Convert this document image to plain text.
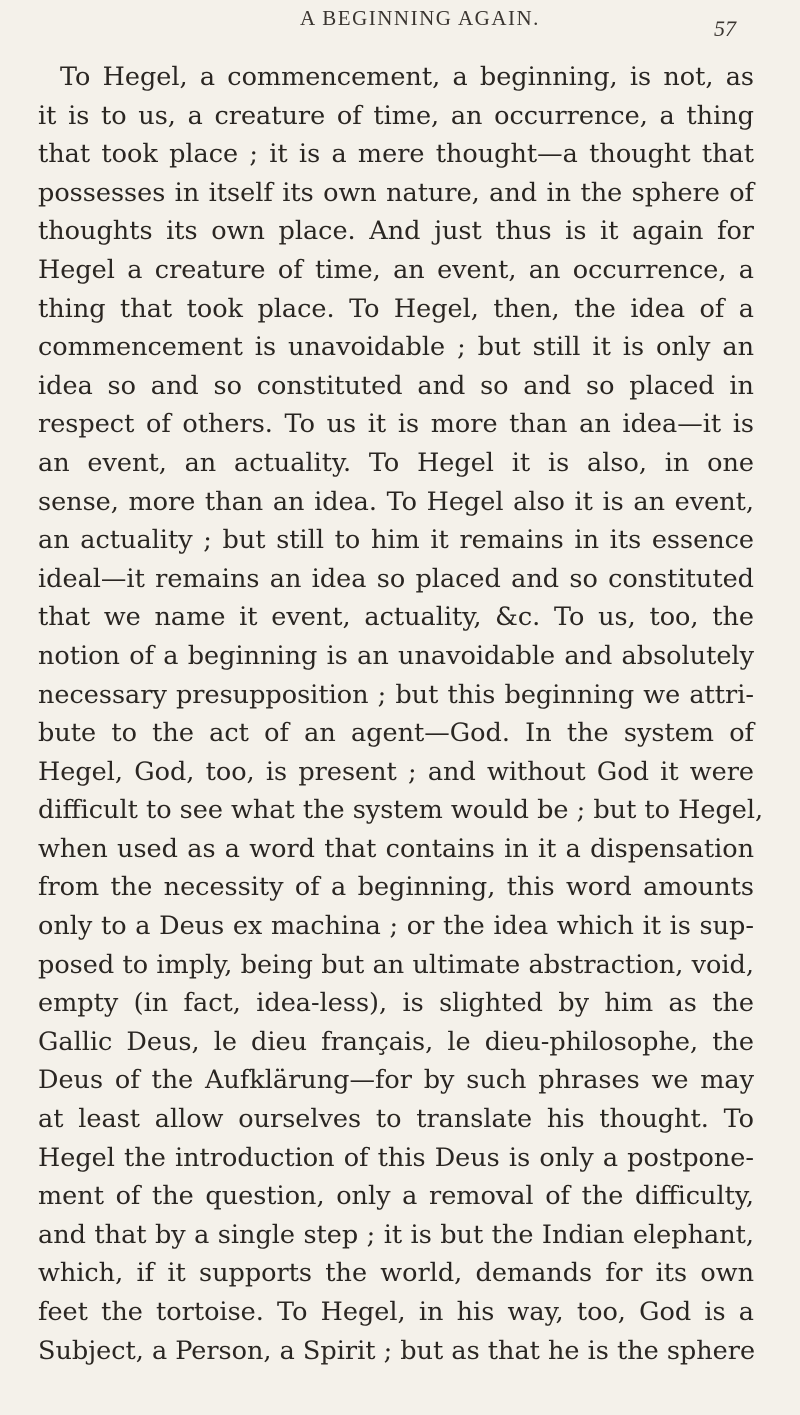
A BEGINNING AGAIN.	57
To Hegel, a commencement, a beginning, is not, as
it is to us, a creature of time, an occurrence, a thing
that took place ; it is a mere thought—a thought that
possesses in itself its own nature, and in the sphere of
thoughts its own place. And just thus is it again for
Hegel a creature of time, an event, an occurrence, a
thing that took place. To Hegel, then, the idea of a
commencement is unavoidable ; but still it is only an
idea so and so constituted and so and so placed in
respect of others. To us it is more than an idea—it is
an event, an actuality. To Hegel it is also, in one
sense, more than an idea. To Hegel also it is an event,
an actuality ; but still to him it remains in its essence
ideal—it remains an idea so placed and so constituted
that we name it event, actuality, &c. To us, too, the
notion of a beginning is an unavoidable and absolutely
necessary presupposition ; but this beginning we attri-
bute to the act of an agent—God. In the system of
Hegel, God, too, is present ; and without God it were
difficult to see what the system would be ; but to Hegel,
when used as a word that contains in it a dispensation
from the necessity of a beginning, this word amounts
only to a Deus ex machina ; or the idea which it is sup-
posed to imply, being but an ultimate abstraction, void,
empty (in fact, idea-less), is slighted by him as the
Gallic Deus, le dieu français, le dieu-philosophe, the
Deus of the Aufklärung—for by such phrases we may
at least allow ourselves to translate his thought. To
Hegel the introduction of this Deus is only a postpone-
ment of the question, only a removal of the difficulty,
and that by a single step ; it is but the Indian elephant,
which, if it supports the world, demands for its own
feet the tortoise. To Hegel, in his way, too, God is a
Subject, a Person, a Spirit ; but as that he is the sphere
